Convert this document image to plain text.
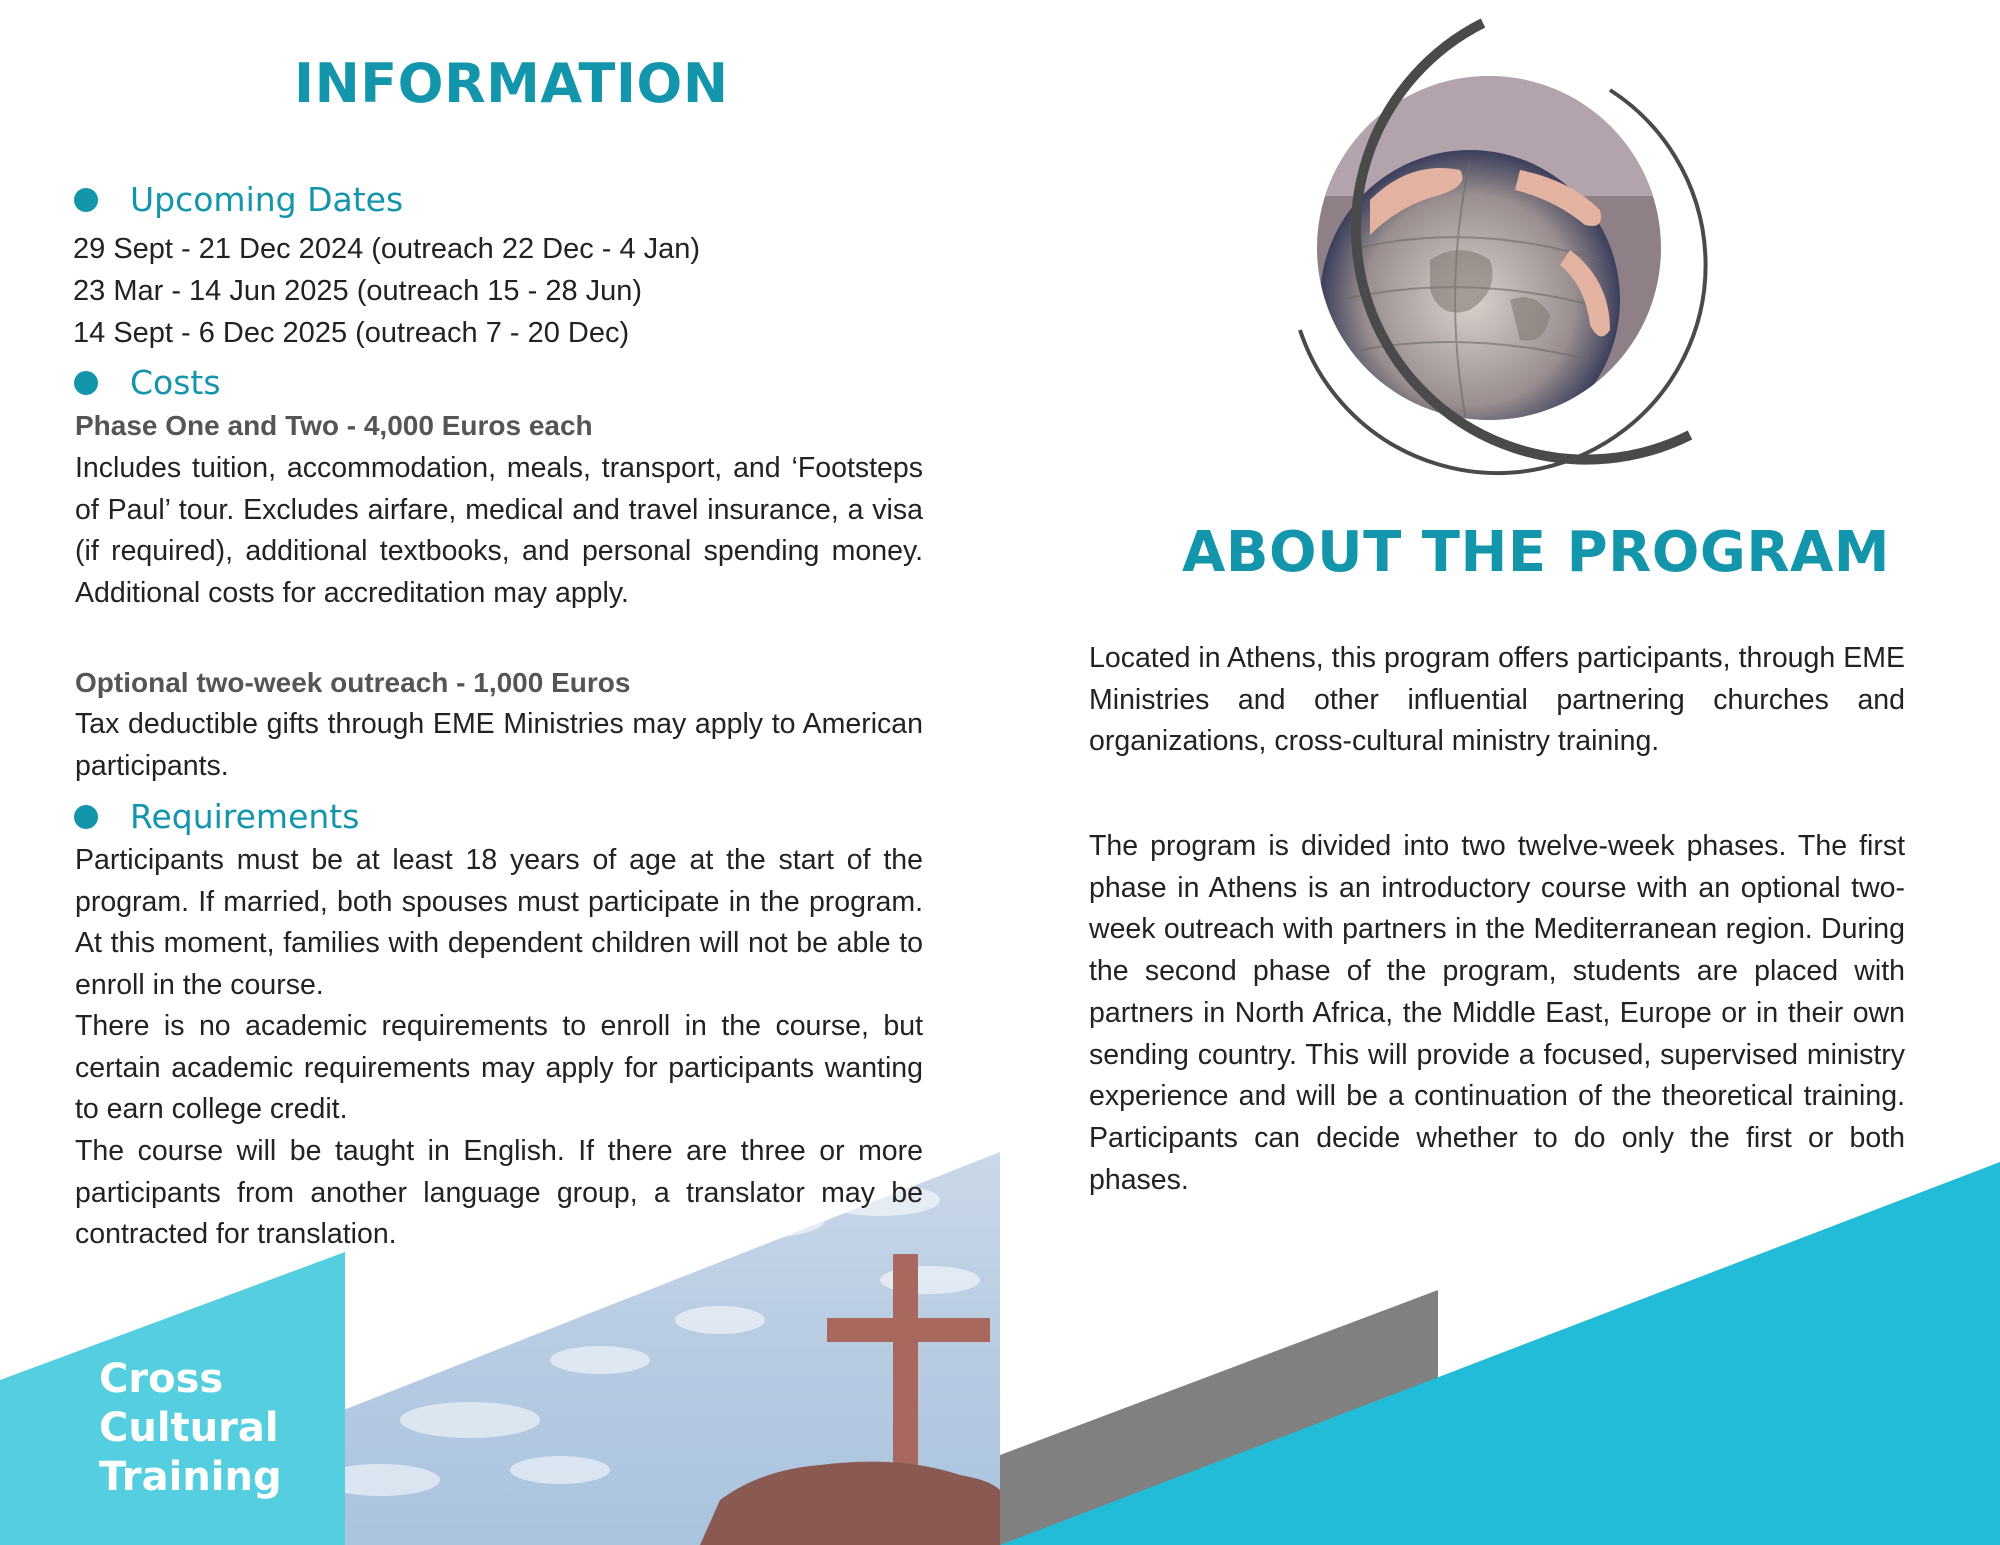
INFORMATION
Upcoming Dates
29 Sept - 21 Dec 2024 (outreach 22 Dec - 4 Jan)
23 Mar - 14 Jun 2025 (outreach 15 - 28 Jun)
14 Sept - 6 Dec 2025 (outreach 7 - 20 Dec)
Costs
Phase One and Two - 4,000 Euros each
Includes tuition, accommodation, meals, transport, and ‘Footsteps of Paul’ tour. Excludes airfare, medical and travel insurance, a visa (if required), additional textbooks, and personal spending money. Additional costs for accreditation may apply.
Optional two-week outreach - 1,000 Euros
Tax deductible gifts through EME Ministries may apply to American participants.
Requirements
Participants must be at least 18 years of age at the start of the program. If married, both spouses must participate in the program. At this moment, families with dependent children will not be able to enroll in the course.
There is no academic requirements to enroll in the course, but certain academic requirements may apply for participants wanting to earn college credit.
The course will be taught in English. If there are three or more participants from another language group, a translator may be contracted for translation.
ABOUT THE PROGRAM
Located in Athens, this program offers participants, through EME Ministries and other influential partnering churches and organizations, cross-cultural ministry training.
The program is divided into two twelve-week phases. The first phase in Athens is an introductory course with an optional two-week outreach with partners in the Mediterranean region. During the second phase of the program, students are placed with partners in North Africa, the Middle East, Europe or in their own sending country. This will provide a focused, supervised ministry experience and will be a continuation of the theoretical training. Participants can decide whether to do only the first or both phases.
Cross
Cultural
Training
